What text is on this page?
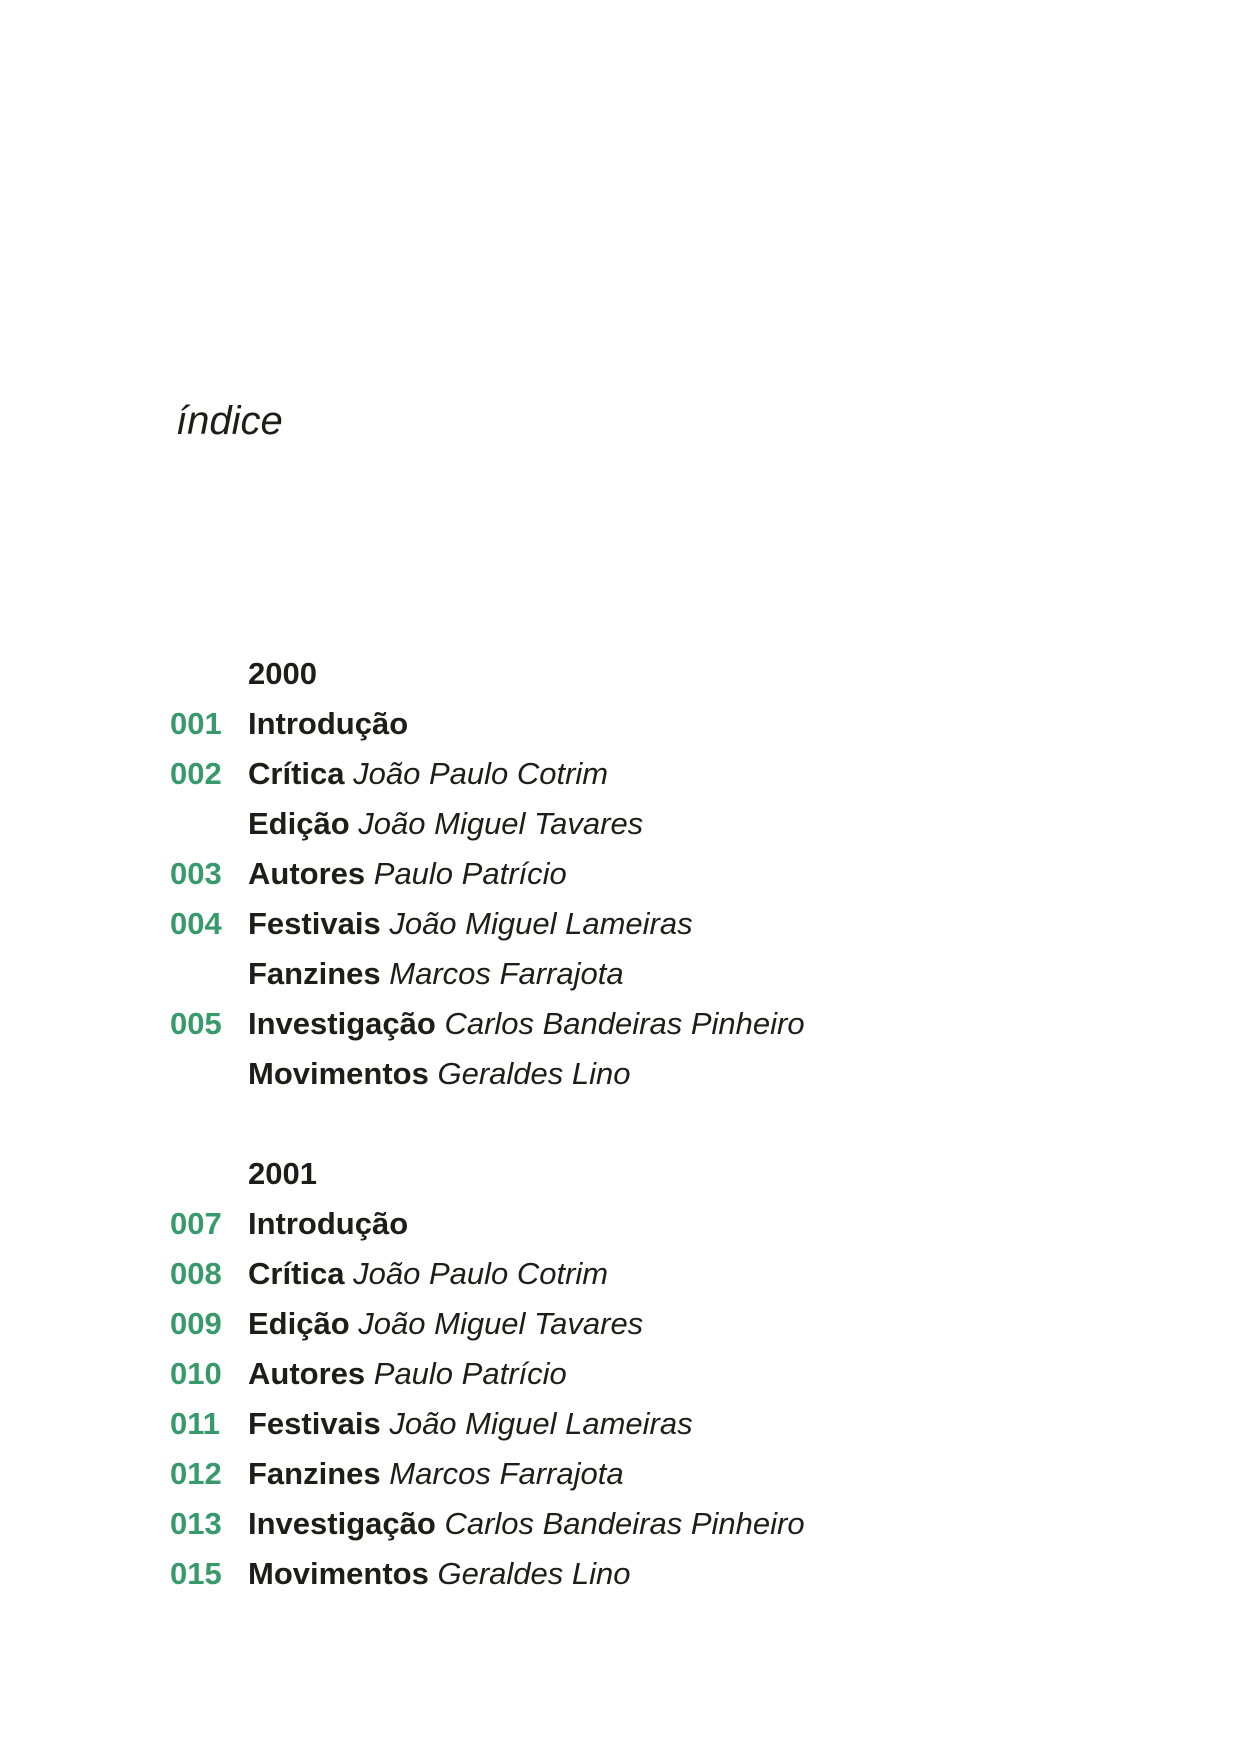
índice
2000
001 Introdução
002 Crítica João Paulo Cotrim
Edição João Miguel Tavares
003 Autores Paulo Patrício
004 Festivais João Miguel Lameiras
Fanzines Marcos Farrajota
005 Investigação Carlos Bandeiras Pinheiro
Movimentos Geraldes Lino
2001
007 Introdução
008 Crítica João Paulo Cotrim
009 Edição João Miguel Tavares
010 Autores Paulo Patrício
011 Festivais João Miguel Lameiras
012 Fanzines Marcos Farrajota
013 Investigação Carlos Bandeiras Pinheiro
015 Movimentos Geraldes Lino
